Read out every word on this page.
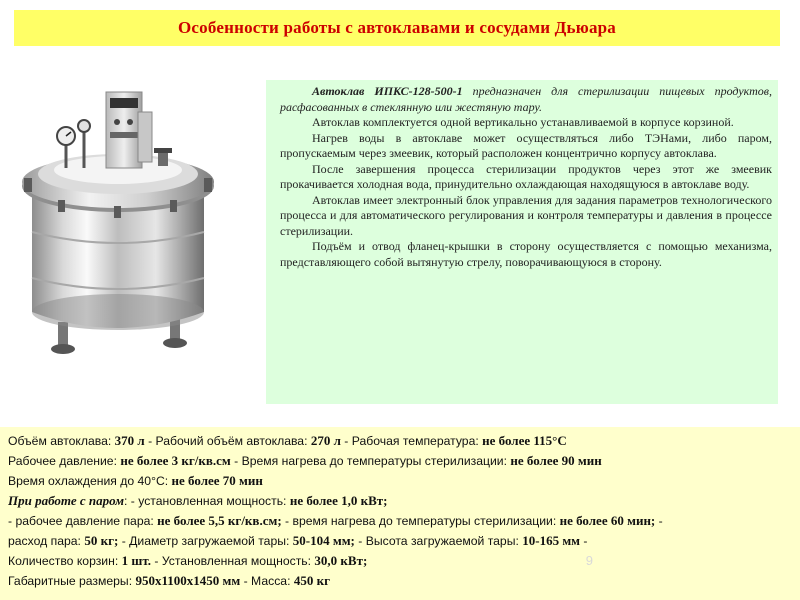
Особенности работы с автоклавами и сосудами Дьюара

Автоклав ИПКС-128-500-1 предназначен для стерилизации пищевых продуктов, расфасованных в стеклянную или жестяную тару.

Автоклав комплектуется одной вертикально устанавливаемой в корпусе корзиной.

Нагрев воды в автоклаве может осуществляться либо ТЭНами, либо паром, пропускаемым через змеевик, который расположен концентрично корпусу автоклава.

После завершения процесса стерилизации продуктов через этот же змеевик прокачивается холодная вода, принудительно охлаждающая находящуюся в автоклаве воду.

Автоклав имеет электронный блок управления для задания параметров технологического процесса и для автоматического регулирования и контроля температуры и давления в процессе стерилизации.

Подъём и отвод фланец-крышки в сторону осуществляется с помощью механизма, представляющего собой вытянутую стрелу, поворачивающуюся в сторону.

Объём автоклава: 370 л - Рабочий объём автоклава: 270 л - Рабочая температура: не более 115°С
Рабочее давление: не более 3 кг/кв.см - Время нагрева до температуры стерилизации: не более 90 мин
Время охлаждения до 40°С: не более 70 мин
При работе с паром: - установленная мощность: не более 1,0 кВт;
- рабочее давление пара: не более 5,5 кг/кв.см; - время нагрева до температуры стерилизации: не более 60 мин; -
расход пара: 50 кг; - Диаметр загружаемой тары: 50-104 мм; - Высота загружаемой тары: 10-165 мм -
Количество корзин: 1 шт. - Установленная мощность: 30,0 кВт;
Габаритные размеры: 950х1100х1450 мм - Масса: 450 кг
9
